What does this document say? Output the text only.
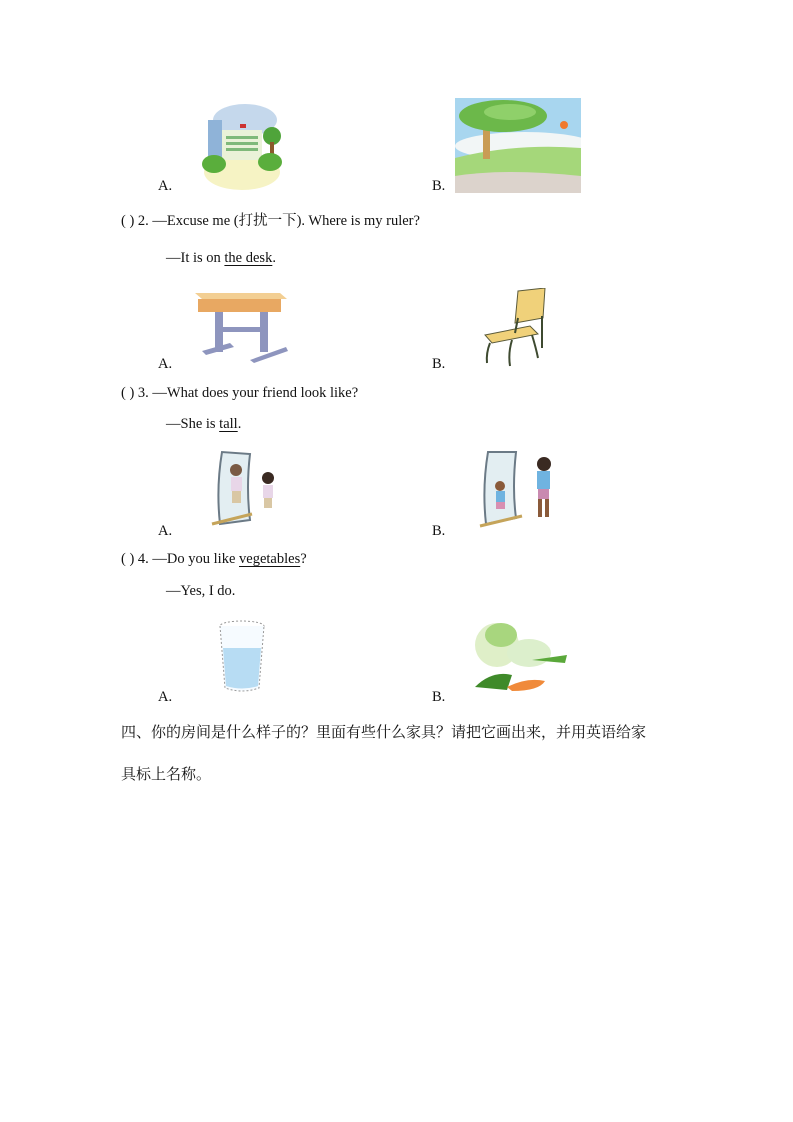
A.	B.
( ) 2. —Excuse me (打扰一下). Where is my ruler?
—It is on the desk.
A.	B.
( ) 3. —What does your friend look like?
—She is tall.
A.	B.
( ) 4. —Do you like vegetables?
—Yes, I do.
A.	B.
四、你的房间是什么样子的？里面有些什么家具？请把它画出来，并用英语给家
具标上名称。
